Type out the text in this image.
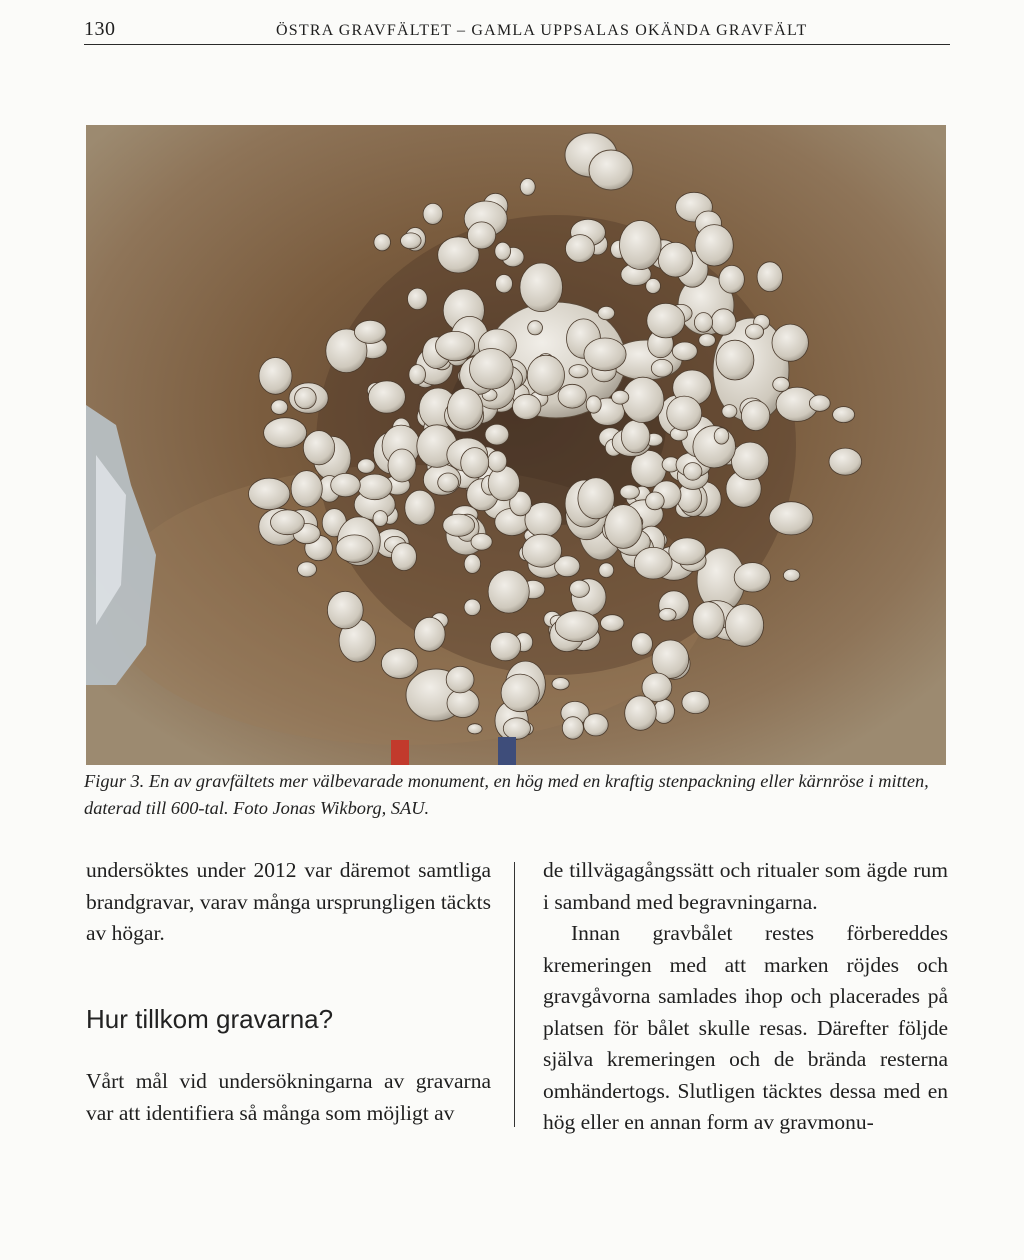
130	ÖSTRA GRAVFÄLTET – GAMLA UPPSALAS OKÄNDA GRAVFÄLT
Figur 3. En av gravfältets mer välbevarade monument, en hög med en kraftig stenpackning eller kärnröse i mitten,
daterad till 600-tal. Foto Jonas Wikborg, SAU.

undersöktes under 2012 var däremot samtliga brandgravar, varav många ursprungligen täckts av högar.

Hur tillkom gravarna?

Vårt mål vid undersökningarna av gravarna var att identifiera så många som möjligt av

de tillvägagångssätt och ritualer som ägde rum i samband med begravningarna.

Innan gravbålet restes förbereddes kremeringen med att marken röjdes och gravgåvorna samlades ihop och placerades på platsen för bålet skulle resas. Därefter följde själva kremeringen och de brända resterna omhändertogs. Slutligen täcktes dessa med en hög eller en annan form av gravmonu-
